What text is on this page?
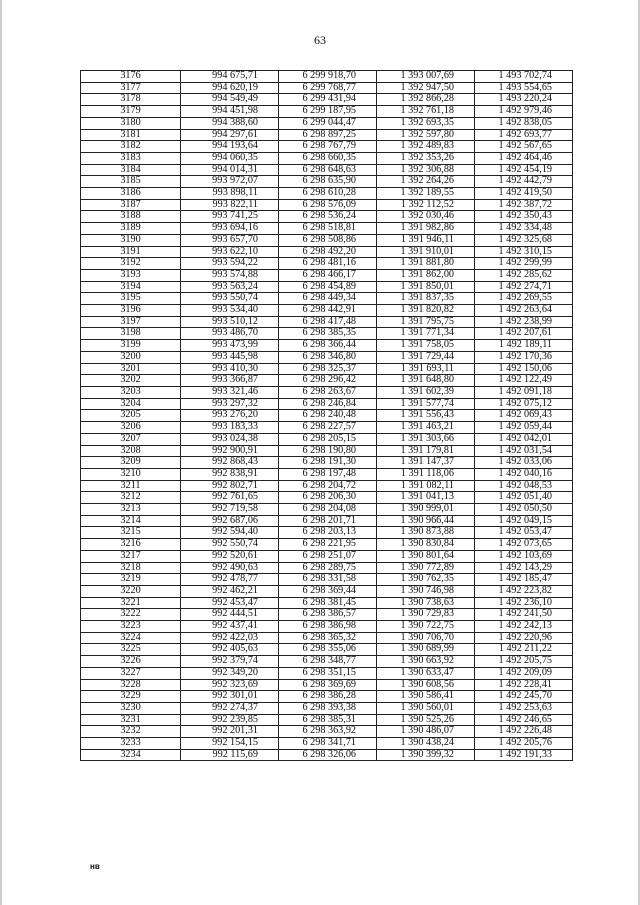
63
3176	994 675,71	6 299 918,70	1 393 007,69	1 493 702,74
3177	994 620,19	6 299 768,77	1 392 947,50	1 493 554,65
3178	994 549,49	6 299 431,94	1 392 866,28	1 493 220,24
3179	994 451,98	6 299 187,95	1 392 761,18	1 492 979,46
3180	994 388,60	6 299 044,47	1 392 693,35	1 492 838,05
3181	994 297,61	6 298 897,25	1 392 597,80	1 492 693,77
3182	994 193,64	6 298 767,79	1 392 489,83	1 492 567,65
3183	994 060,35	6 298 660,35	1 392 353,26	1 492 464,46
3184	994 014,31	6 298 648,63	1 392 306,88	1 492 454,19
3185	993 972,07	6 298 635,90	1 392 264,26	1 492 442,79
3186	993 898,11	6 298 610,28	1 392 189,55	1 492 419,50
3187	993 822,11	6 298 576,09	1 392 112,52	1 492 387,72
3188	993 741,25	6 298 536,24	1 392 030,46	1 492 350,43
3189	993 694,16	6 298 518,81	1 391 982,86	1 492 334,48
3190	993 657,70	6 298 508,86	1 391 946,11	1 492 325,68
3191	993 622,10	6 298 492,20	1 391 910,01	1 492 310,15
3192	993 594,22	6 298 481,16	1 391 881,80	1 492 299,99
3193	993 574,88	6 298 466,17	1 391 862,00	1 492 285,62
3194	993 563,24	6 298 454,89	1 391 850,01	1 492 274,71
3195	993 550,74	6 298 449,34	1 391 837,35	1 492 269,55
3196	993 534,40	6 298 442,91	1 391 820,82	1 492 263,64
3197	993 510,12	6 298 417,48	1 391 795,75	1 492 238,99
3198	993 486,70	6 298 385,35	1 391 771,34	1 492 207,61
3199	993 473,99	6 298 366,44	1 391 758,05	1 492 189,11
3200	993 445,98	6 298 346,80	1 391 729,44	1 492 170,36
3201	993 410,30	6 298 325,37	1 391 693,11	1 492 150,06
3202	993 366,87	6 298 296,42	1 391 648,80	1 492 122,49
3203	993 321,46	6 298 263,67	1 391 602,39	1 492 091,18
3204	993 297,32	6 298 246,84	1 391 577,74	1 492 075,12
3205	993 276,20	6 298 240,48	1 391 556,43	1 492 069,43
3206	993 183,33	6 298 227,57	1 391 463,21	1 492 059,44
3207	993 024,38	6 298 205,15	1 391 303,66	1 492 042,01
3208	992 900,91	6 298 190,80	1 391 179,81	1 492 031,54
3209	992 868,43	6 298 191,30	1 391 147,37	1 492 033,06
3210	992 838,91	6 298 197,48	1 391 118,06	1 492 040,16
3211	992 802,71	6 298 204,72	1 391 082,11	1 492 048,53
3212	992 761,65	6 298 206,30	1 391 041,13	1 492 051,40
3213	992 719,58	6 298 204,08	1 390 999,01	1 492 050,50
3214	992 687,06	6 298 201,71	1 390 966,44	1 492 049,15
3215	992 594,40	6 298 203,13	1 390 873,88	1 492 053,47
3216	992 550,74	6 298 221,95	1 390 830,84	1 492 073,65
3217	992 520,61	6 298 251,07	1 390 801,64	1 492 103,69
3218	992 490,63	6 298 289,75	1 390 772,89	1 492 143,29
3219	992 478,77	6 298 331,58	1 390 762,35	1 492 185,47
3220	992 462,21	6 298 369,44	1 390 746,98	1 492 223,82
3221	992 453,47	6 298 381,45	1 390 738,63	1 492 236,10
3222	992 444,51	6 298 386,57	1 390 729,83	1 492 241,50
3223	992 437,41	6 298 386,98	1 390 722,75	1 492 242,13
3224	992 422,03	6 298 365,32	1 390 706,70	1 492 220,96
3225	992 405,63	6 298 355,06	1 390 689,99	1 492 211,22
3226	992 379,74	6 298 348,77	1 390 663,92	1 492 205,75
3227	992 349,20	6 298 351,15	1 390 633,47	1 492 209,09
3228	992 323,69	6 298 369,69	1 390 608,56	1 492 228,41
3229	992 301,01	6 298 386,28	1 390 586,41	1 492 245,70
3230	992 274,37	6 298 393,38	1 390 560,01	1 492 253,63
3231	992 239,85	6 298 385,31	1 390 525,26	1 492 246,65
3232	992 201,31	6 298 363,92	1 390 486,07	1 492 226,48
3233	992 154,15	6 298 341,71	1 390 438,24	1 492 205,76
3234	992 115,69	6 298 326,06	1 390 399,32	1 492 191,33
нв
